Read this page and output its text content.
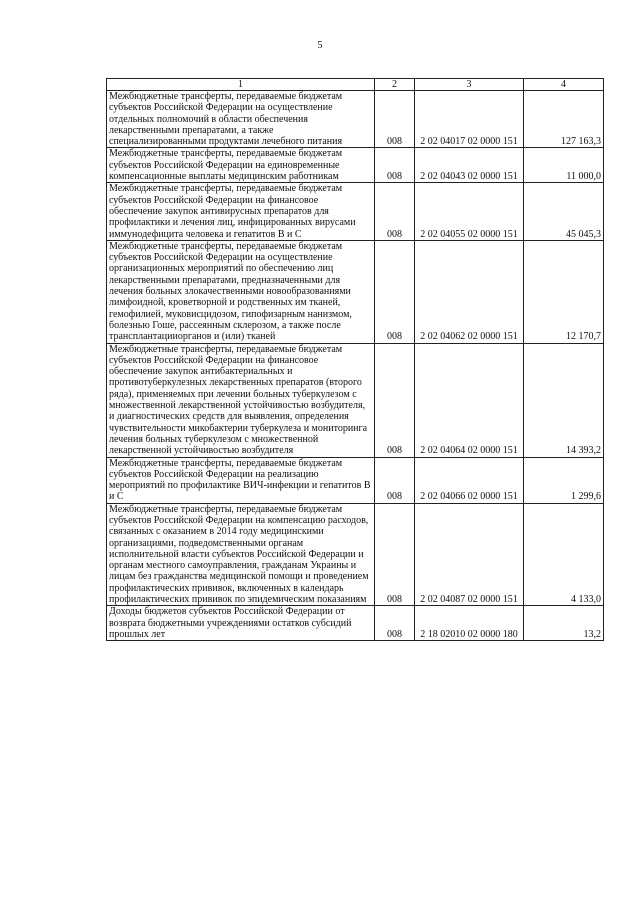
5
1	2	3	4
Межбюджетные трансферты, передаваемые бюджетам субъектов Российской Федерации на осуществление отдельных полномочий в области обеспечения лекарственными препаратами, а также специализированными продуктами лечебного питания	008	2 02 04017 02 0000 151	127 163,3
Межбюджетные трансферты, передаваемые бюджетам субъектов Российской Федерации на единовременные компенсационные выплаты медицинским работникам	008	2 02 04043 02 0000 151	11 000,0
Межбюджетные трансферты, передаваемые бюджетам субъектов Российской Федерации на финансовое обеспечение закупок антивирусных препаратов для профилактики и лечения лиц, инфицированных вирусами иммунодефицита человека и гепатитов В и С	008	2 02 04055 02 0000 151	45 045,3
Межбюджетные трансферты, передаваемые бюджетам субъектов Российской Федерации на осуществление организационных мероприятий по обеспечению лиц лекарственными препаратами, предназначенными для лечения больных злокачественными новообразованиями лимфоидной, кроветворной и родственных им тканей, гемофилией, муковисцидозом, гипофизарным нанизмом, болезнью Гоше, рассеянным склерозом, а также после трансплантацииорганов и (или) тканей	008	2 02 04062 02 0000 151	12 170,7
Межбюджетные трансферты, передаваемые бюджетам субъектов Российской Федерации на финансовое обеспечение закупок антибактериальных и противотуберкулезных лекарственных препаратов (второго ряда), применяемых при лечении больных туберкулезом с множественной лекарственной устойчивостью возбудителя, и диагностических средств для выявления, определения чувствительности микобактерии туберкулеза и мониторинга лечения больных туберкулезом с множественной лекарственной устойчивостью возбудителя	008	2 02 04064 02 0000 151	14 393,2
Межбюджетные трансферты, передаваемые бюджетам субъектов Российской Федерации на реализацию мероприятий по профилактике ВИЧ-инфекции и гепатитов В и С	008	2 02 04066 02 0000 151	1 299,6
Межбюджетные трансферты, передаваемые бюджетам субъектов Российской Федерации на компенсацию расходов, связанных с оказанием в 2014 году медицинскими организациями, подведомственными органам исполнительной власти субъектов Российской Федерации и органам местного самоуправления, гражданам Украины и лицам без гражданства медицинской помощи и проведением профилактических прививок, включенных в календарь профилактических прививок по эпидемическим показаниям	008	2 02 04087 02 0000 151	4 133,0
Доходы бюджетов субъектов Российской Федерации от возврата бюджетными учреждениями остатков субсидий прошлых лет	008	2 18 02010 02 0000 180	13,2
